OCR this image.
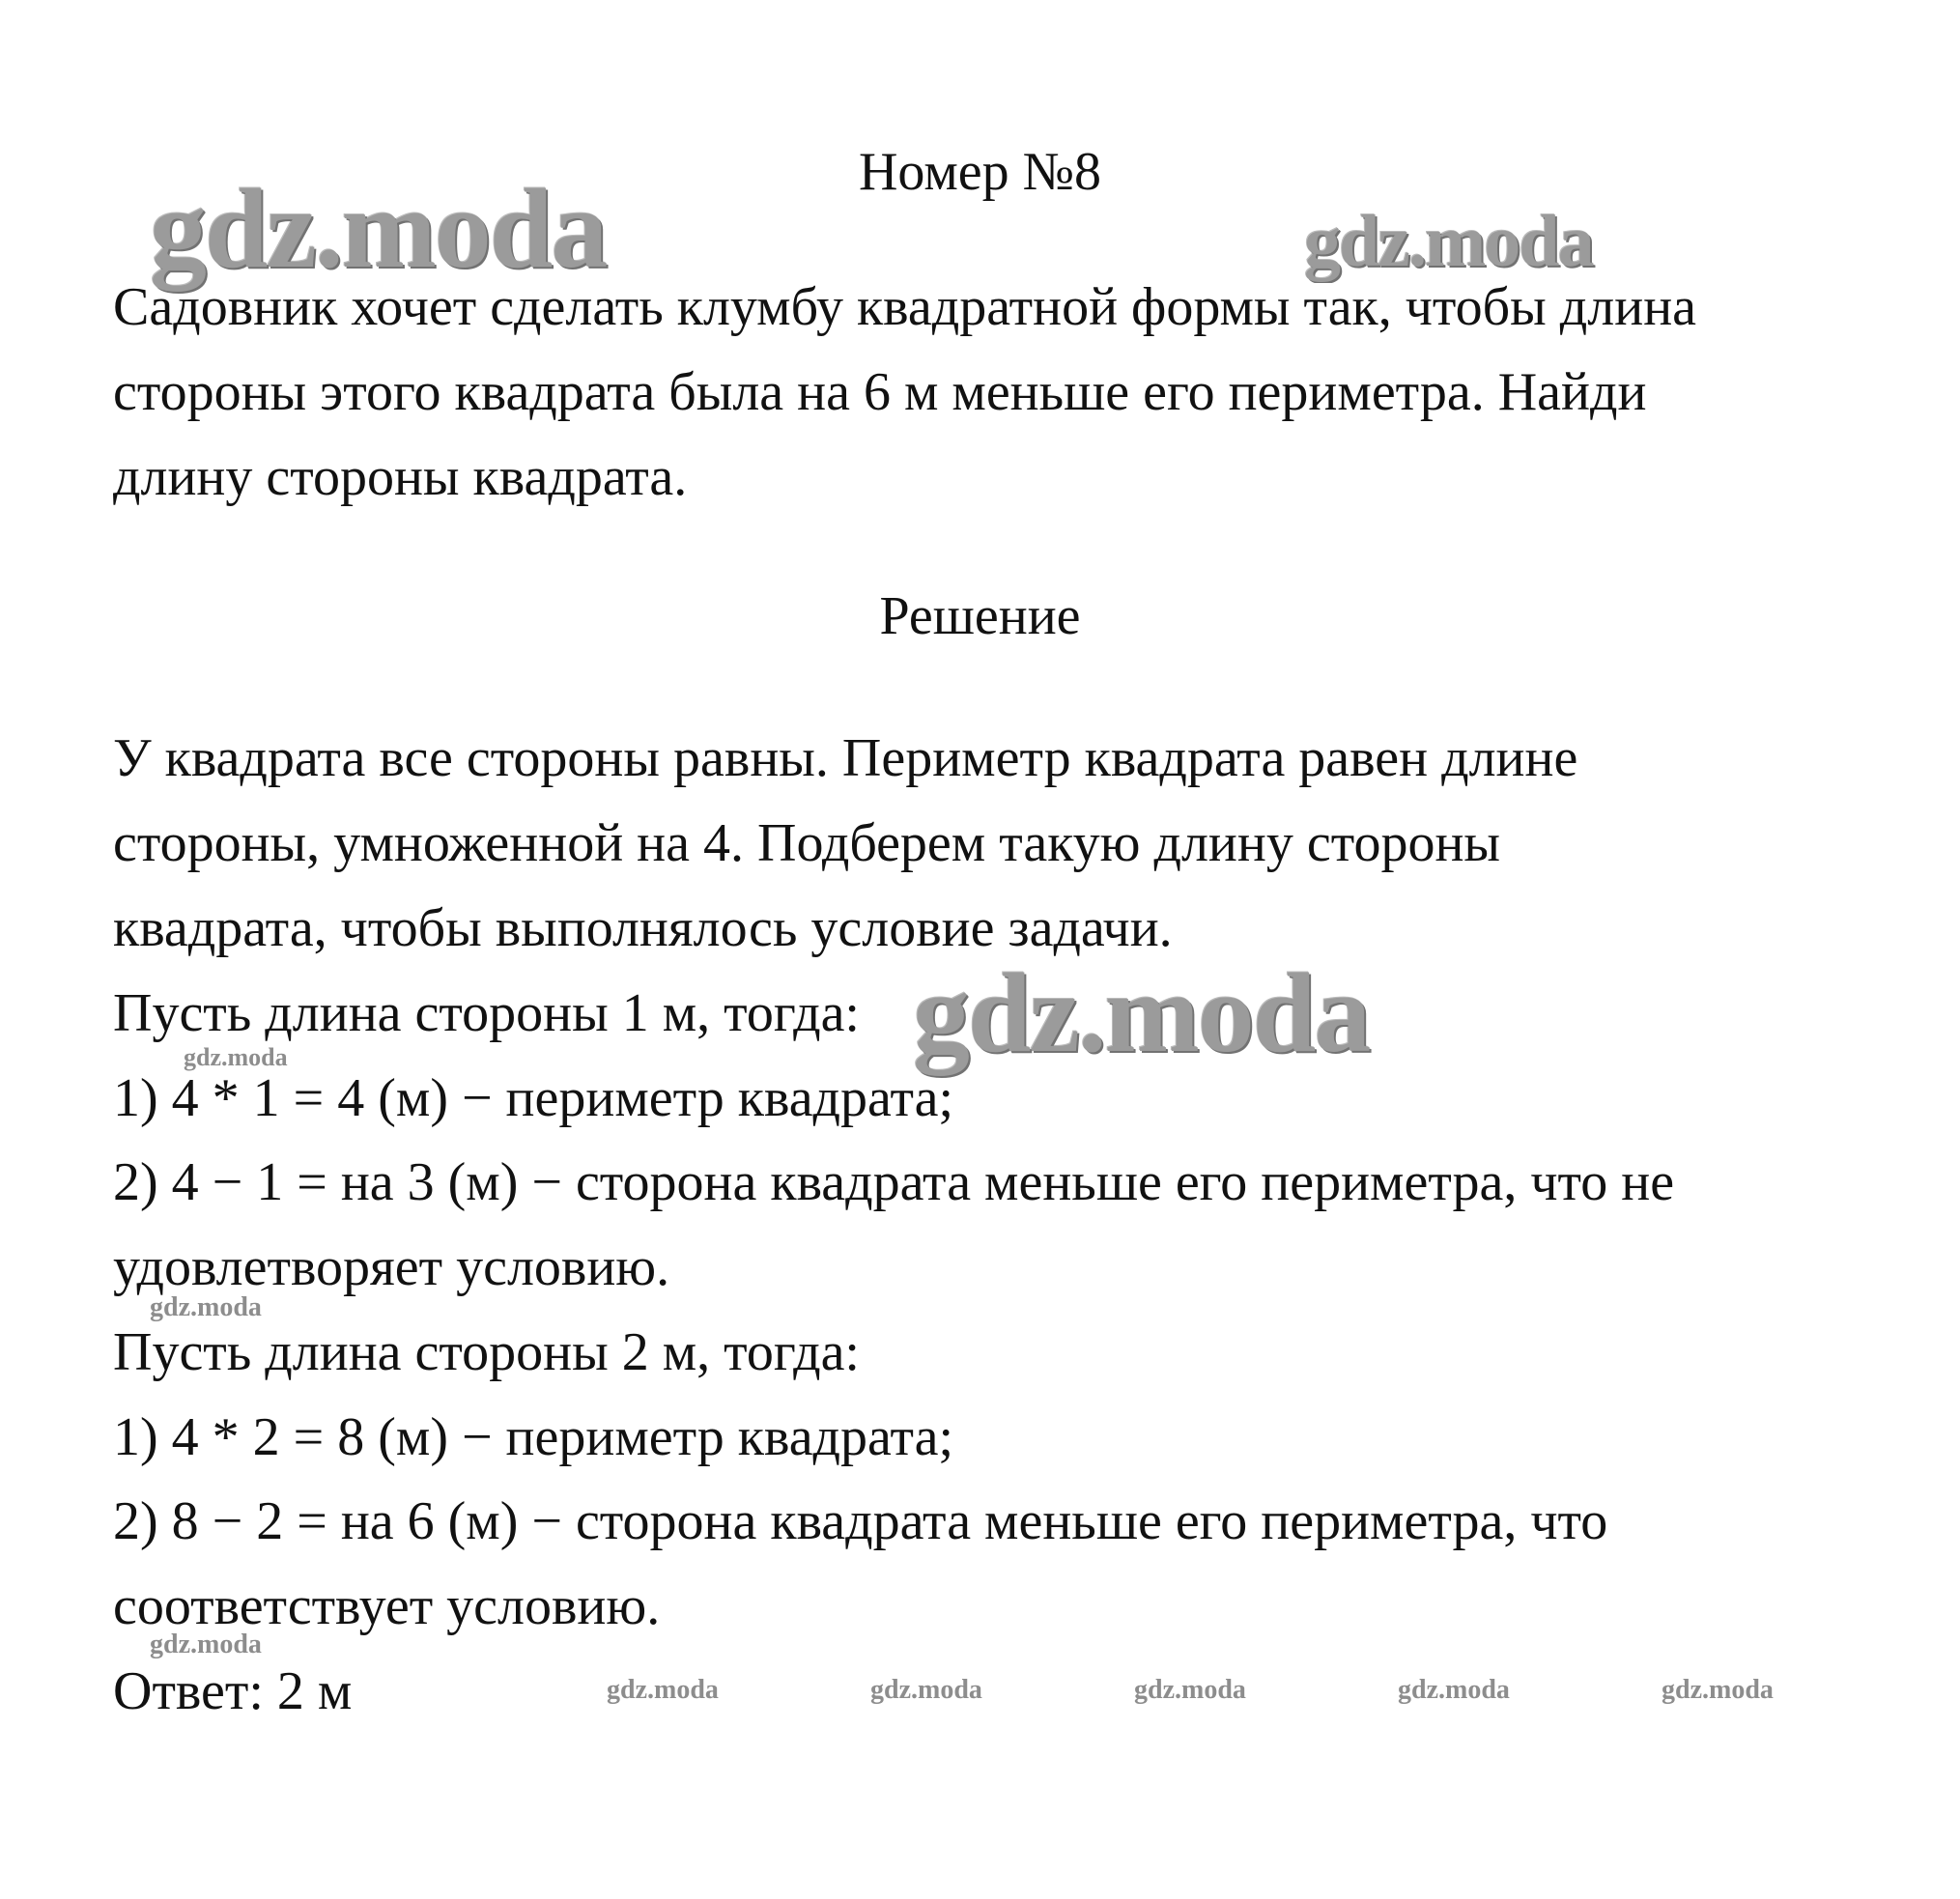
gdz.moda	gdz.moda
gdz.moda
gdz.moda
gdz.moda
gdz.moda
gdz.moda	gdz.moda	gdz.moda	gdz.moda	gdz.moda
Номер №8
Садовник хочет сделать клумбу квадратной формы так, чтобы длина
стороны этого квадрата была на 6 м меньше его периметра. Найди
длину стороны квадрата.
Решение
У квадрата все стороны равны. Периметр квадрата равен длине
стороны, умноженной на 4. Подберем такую длину стороны
квадрата, чтобы выполнялось условие задачи.
Пусть длина стороны 1 м, тогда:
1) 4 * 1 = 4 (м) − периметр квадрата;
2) 4 − 1 = на 3 (м) − сторона квадрата меньше его периметра, что не
удовлетворяет условию.
Пусть длина стороны 2 м, тогда:
1) 4 * 2 = 8 (м) − периметр квадрата;
2) 8 − 2 = на 6 (м) − сторона квадрата меньше его периметра, что
соответствует условию.
Ответ: 2 м
